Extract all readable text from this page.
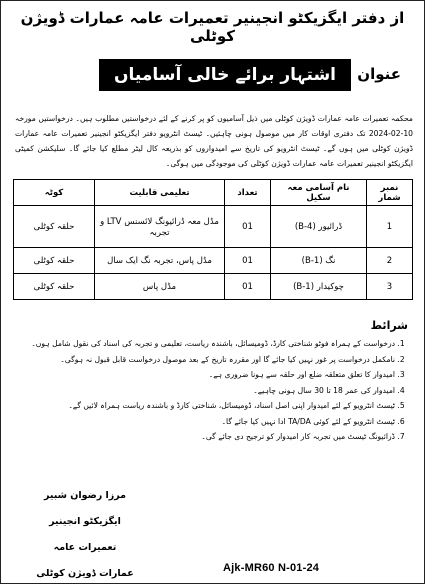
از دفتر ایگزیکٹو انجینیر تعمیرات عامہ عمارات ڈویژن کوٹلی
عنوان
اشتہار برائے خالی آسامیاں
محکمہ تعمیرات عامہ عمارات ڈویژن کوٹلی میں ذیل آسامیوں کو پر کرنے کے لئے درخواستیں مطلوب ہیں۔ درخواستیں مورخہ 10-02-2024 تک دفتری اوقات کار میں موصول ہونی چاہئیں۔ ٹیسٹ انٹرویو دفتر ایگزیکٹو انجینیر تعمیرات عامہ عمارات ڈویژن کوٹلی میں ہوں گے۔ ٹیسٹ انٹرویو کی تاریخ سے امیدواروں کو بذریعہ کال لیٹر مطلع کیا جائے گا۔ سلیکشن کمیٹی ایگزیکٹو انجینیر تعمیرات عامہ عمارات ڈویژن کوٹلی کی موجودگی میں ہوگی۔
نمبر شمار	نام آسامی معہ سکیل	تعداد	تعلیمی قابلیت	کوٹہ
1	ڈرائیور (B-4)	01	مڈل معہ ڈرائیونگ لائسنس LTV و تجربہ	حلقہ کوٹلی
2	نگ (B-1)	01	مڈل پاس، تجربہ نگ ایک سال	حلقہ کوٹلی
3	چوکیدار (B-1)	01	مڈل پاس	حلقہ کوٹلی
شرائط
1. درخواست کے ہمراہ فوٹو شناختی کارڈ، ڈومیسائل، باشندہ ریاست، تعلیمی و تجربہ کی اسناد کی نقول شامل ہوں۔
2. نامکمل درخواست پر غور نہیں کیا جائے گا اور مقررہ تاریخ کے بعد موصول درخواست قابل قبول نہ ہوگی۔
3. امیدوار کا تعلق متعلقہ ضلع اور حلقہ سے ہونا ضروری ہے۔
4. امیدوار کی عمر 18 تا 30 سال ہونی چاہیے۔
5. ٹیسٹ انٹرویو کے لئے امیدوار اپنی اصل اسناد، ڈومیسائل، شناختی کارڈ و باشندہ ریاست ہمراہ لائیں گے۔
6. ٹیسٹ انٹرویو کے لئے کوئی TA/DA ادا نہیں کیا جائے گا۔
7. ڈرائیونگ ٹیسٹ میں تجربہ کار امیدوار کو ترجیح دی جائے گی۔
مرزا رضوان شبیر
ایگزیکٹو انجینیر تعمیرات عامہ
عمارات ڈویژن کوٹلی	Ajk-MR60 N-01-24
